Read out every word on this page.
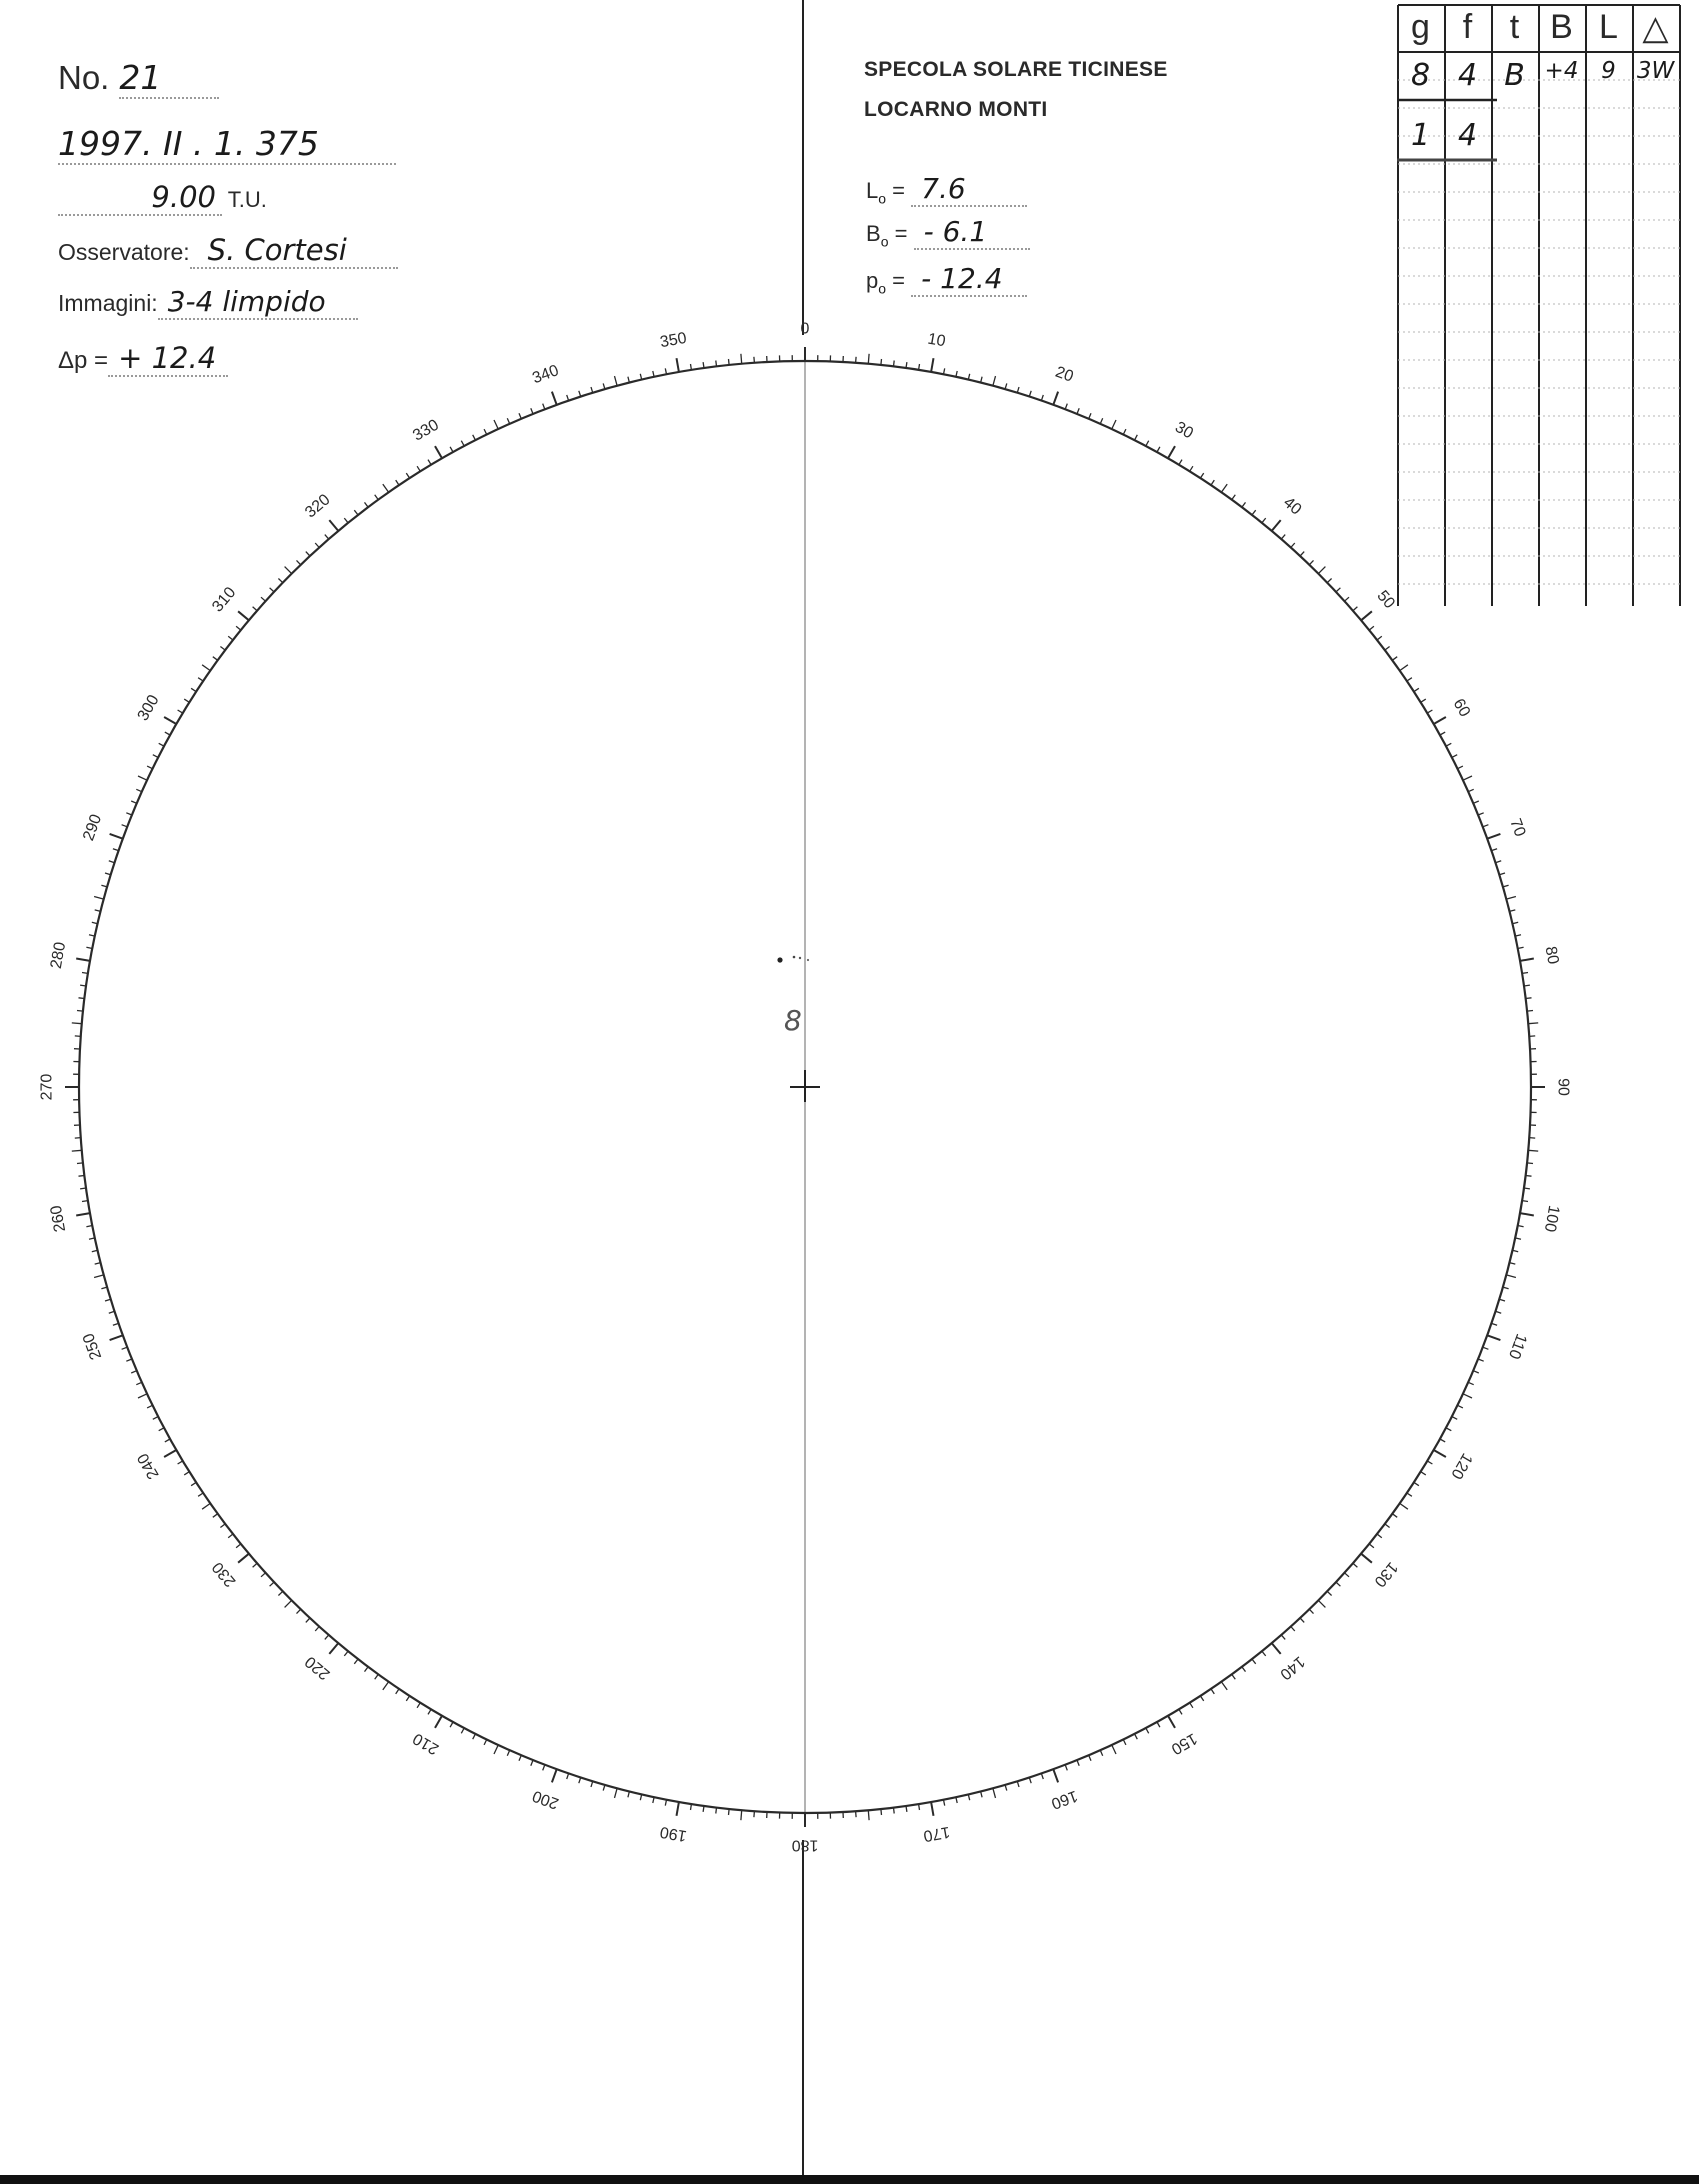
No. 21
1997. II . 1. 375
9.00 T.U.
Osservatore: S. Cortesi
Immagini: 3-4 limpido
Δp = + 12.4
SPECOLA SOLARE TICINESE
LOCARNO MONTI
$L_o = 7.6$
$B_o$ = - 6.1
$p_o$ = - 12.4
g f	t B L △
8 4 B +4 9 3W
1 4
8
0
10
20
30
40
50
60
70
80
90
100
110
120
130
140
150
160
170
180
190
200
210
220
230
240
250
260
270
280
290
300
310
320
330
340
350
